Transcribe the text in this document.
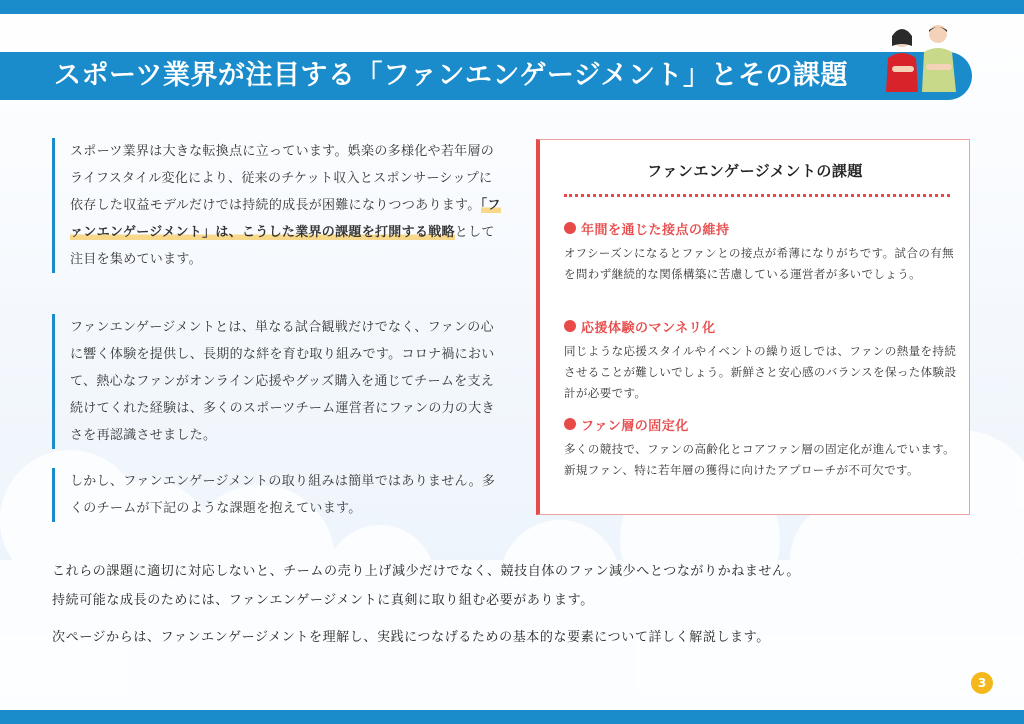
スポーツ業界が注目する「ファンエンゲージメント」とその課題
スポーツ業界は大きな転換点に立っています。娯楽の多様化や若年層のライフスタイル変化により、従来のチケット収入とスポンサーシップに依存した収益モデルだけでは持続的成長が困難になりつつあります。「ファンエンゲージメント」は、こうした業界の課題を打開する戦略として注目を集めています。
ファンエンゲージメントとは、単なる試合観戦だけでなく、ファンの心に響く体験を提供し、長期的な絆を育む取り組みです。コロナ禍において、熱心なファンがオンライン応援やグッズ購入を通じてチームを支え続けてくれた経験は、多くのスポーツチーム運営者にファンの力の大きさを再認識させました。
しかし、ファンエンゲージメントの取り組みは簡単ではありません。多くのチームが下記のような課題を抱えています。
ファンエンゲージメントの課題
年間を通じた接点の維持
オフシーズンになるとファンとの接点が希薄になりがちです。試合の有無を問わず継続的な関係構築に苦慮している運営者が多いでしょう。
応援体験のマンネリ化
同じような応援スタイルやイベントの繰り返しでは、ファンの熱量を持続させることが難しいでしょう。新鮮さと安心感のバランスを保った体験設計が必要です。
ファン層の固定化
多くの競技で、ファンの高齢化とコアファン層の固定化が進んでいます。新規ファン、特に若年層の獲得に向けたアプローチが不可欠です。

これらの課題に適切に対応しないと、チームの売り上げ減少だけでなく、競技自体のファン減少へとつながりかねません。

持続可能な成長のためには、ファンエンゲージメントに真剣に取り組む必要があります。

次ページからは、ファンエンゲージメントを理解し、実践につなげるための基本的な要素について詳しく解説します。

3
